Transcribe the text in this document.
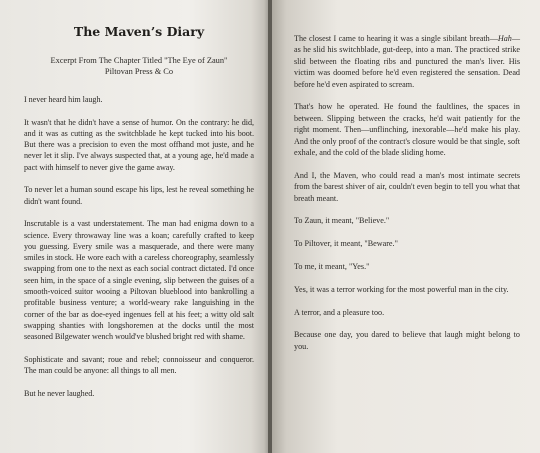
The Maven’s Diary
Excerpt From The Chapter Titled "The Eye of Zaun"
Piltovan Press & Co

I never heard him laugh.

It wasn't that he didn't have a sense of humor. On the contrary: he did, and it was as cutting as the switchblade he kept tucked into his boot. But there was a precision to even the most offhand mot juste, and he never let it slip. I've always suspected that, at a young age, he'd made a pact with himself to never give the game away.

To never let a human sound escape his lips, lest he reveal something he didn't want found.

Inscrutable is a vast understatement. The man had enigma down to a science. Every throwaway line was a koan; carefully crafted to keep you guessing. Every smile was a masquerade, and there were many smiles in stock. He wore each with a careless choreography, seamlessly swapping from one to the next as each social contract dictated. I'd once seen him, in the space of a single evening, slip between the guises of a smooth-voiced suitor wooing a Piltovan blueblood into bankrolling a profitable business venture; a world-weary rake languishing in the corner of the bar as doe-eyed ingenues fell at his feet; a witty old salt swapping shanties with longshoremen at the docks until the most seasoned Bilgewater wench would've blushed bright red with shame.

Sophisticate and savant; roue and rebel; connoisseur and conqueror. The man could be anyone: all things to all men.

But he never laughed.

The closest I came to hearing it was a single sibilant breath—Hah—as he slid his switchblade, gut-deep, into a man. The practiced strike slid between the floating ribs and punctured the man's liver. His victim was doomed before he'd even registered the sensation. Dead before he'd even aspirated to scream.

That's how he operated. He found the faultlines, the spaces in between. Slipping between the cracks, he'd wait patiently for the right moment. Then—unflinching, inexorable—he'd make his play. And the only proof of the contract's closure would be that single, soft exhale, and the cold of the blade sliding home.

And I, the Maven, who could read a man's most intimate secrets from the barest shiver of air, couldn't even begin to tell you what that breath meant.

To Zaun, it meant, "Believe."

To Piltover, it meant, "Beware."

To me, it meant, "Yes."

Yes, it was a terror working for the most powerful man in the city.

A terror, and a pleasure too.

Because one day, you dared to believe that laugh might belong to you.
